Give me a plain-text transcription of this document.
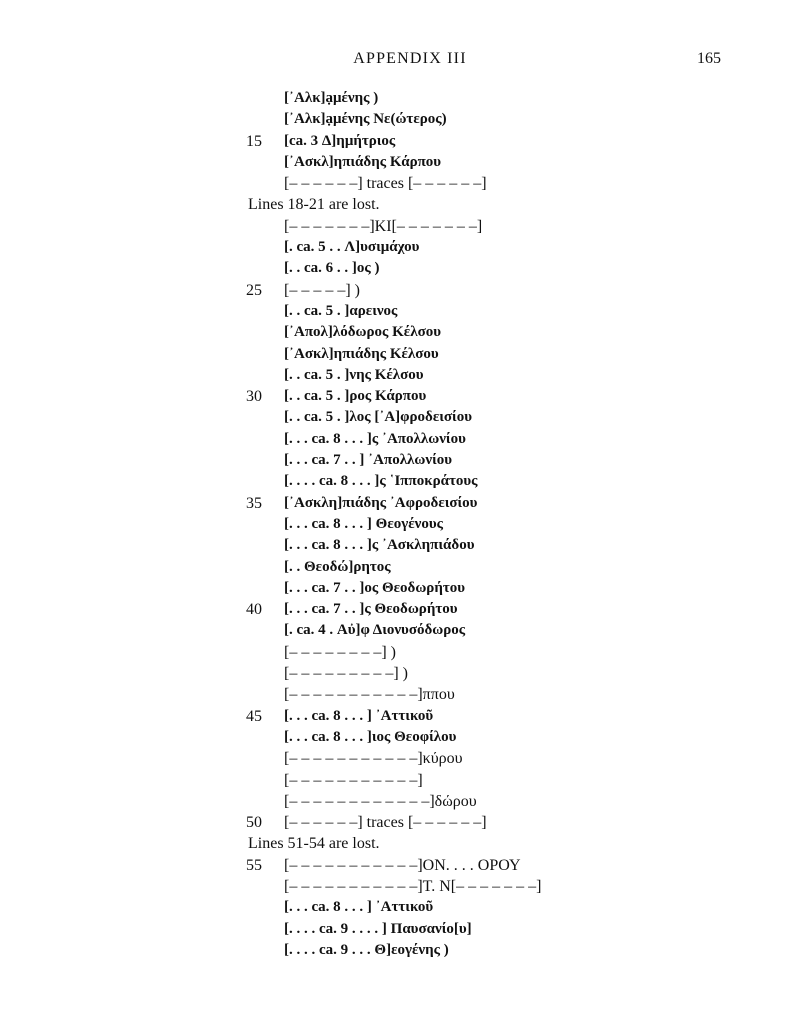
APPENDIX III	165
[᾽Αλκ]ạμένης )
[᾽Αλκ]ạμένης Νε(ώτερος)
15 [ca. 3 Δ]ημήτριος
[᾽Ασκλ]ηπιάδης Κάρπου
[– – – – – –] traces [– – – – – –]
Lines 18-21 are lost.
[– – – – – – –]ΚΙ[– – – – – – –]
[. ca. 5 . . Λ]υσιμάχου
[. . ca. 6 . . ]ος )
25 [– – – – –] )
[. . ca. 5 . ]αρεινος
[᾽Απολ]λόδωρος Κέλσου
[᾽Ασκλ]ηπιάδης Κέλσου
[. . ca. 5 . ]νης Κέλσου
30 [. . ca. 5 . ]ρος Κάρπου
[. . ca. 5 . ]λος [᾽Α]φροδεισίου
[. . . ca. 8 . . . ]ς ᾽Απολλωνίου
[. . . ca. 7 . . ] ᾽Απολλωνίου
[. . . . ca. 8 . . . ]ς ῾Ιπποκράτους
35 [᾽Ασκλη]πιάδης ᾽Αφροδεισίου
[. . . ca. 8 . . . ] Θεογένους
[. . . ca. 8 . . . ]ς ᾽Ασκληπιάδου
[. . Θεοδώ]ρητος
[. . . ca. 7 . . ]ος Θεοδωρήτου
40 [. . . ca. 7 . . ]ς Θεοδωρήτου
[. ca. 4 . Αὐ]φ Διονυσόδωρος
[– – – – – – – –] )
[– – – – – – – – –] )
[– – – – – – – – – – –]ππου
45 [. . . ca. 8 . . . ] ᾽Αττικοῦ
[. . . ca. 8 . . . ]ιος Θεοφίλου
[– – – – – – – – – – –]κύρου
[– – – – – – – – – – –]
[– – – – – – – – – – – –]δώρου
50 [– – – – – –] traces [– – – – – –]
Lines 51-54 are lost.
55 [– – – – – – – – – – –]ΟΝ. . . . ΟΡΟΥ
[– – – – – – – – – – –]Τ. Ν[– – – – – – –]
[. . . ca. 8 . . . ] ᾽Αττικοῦ
[. . . . ca. 9 . . . . ] Παυσανίο[υ]
[. . . . ca. 9 . . . Θ]εογένης )
